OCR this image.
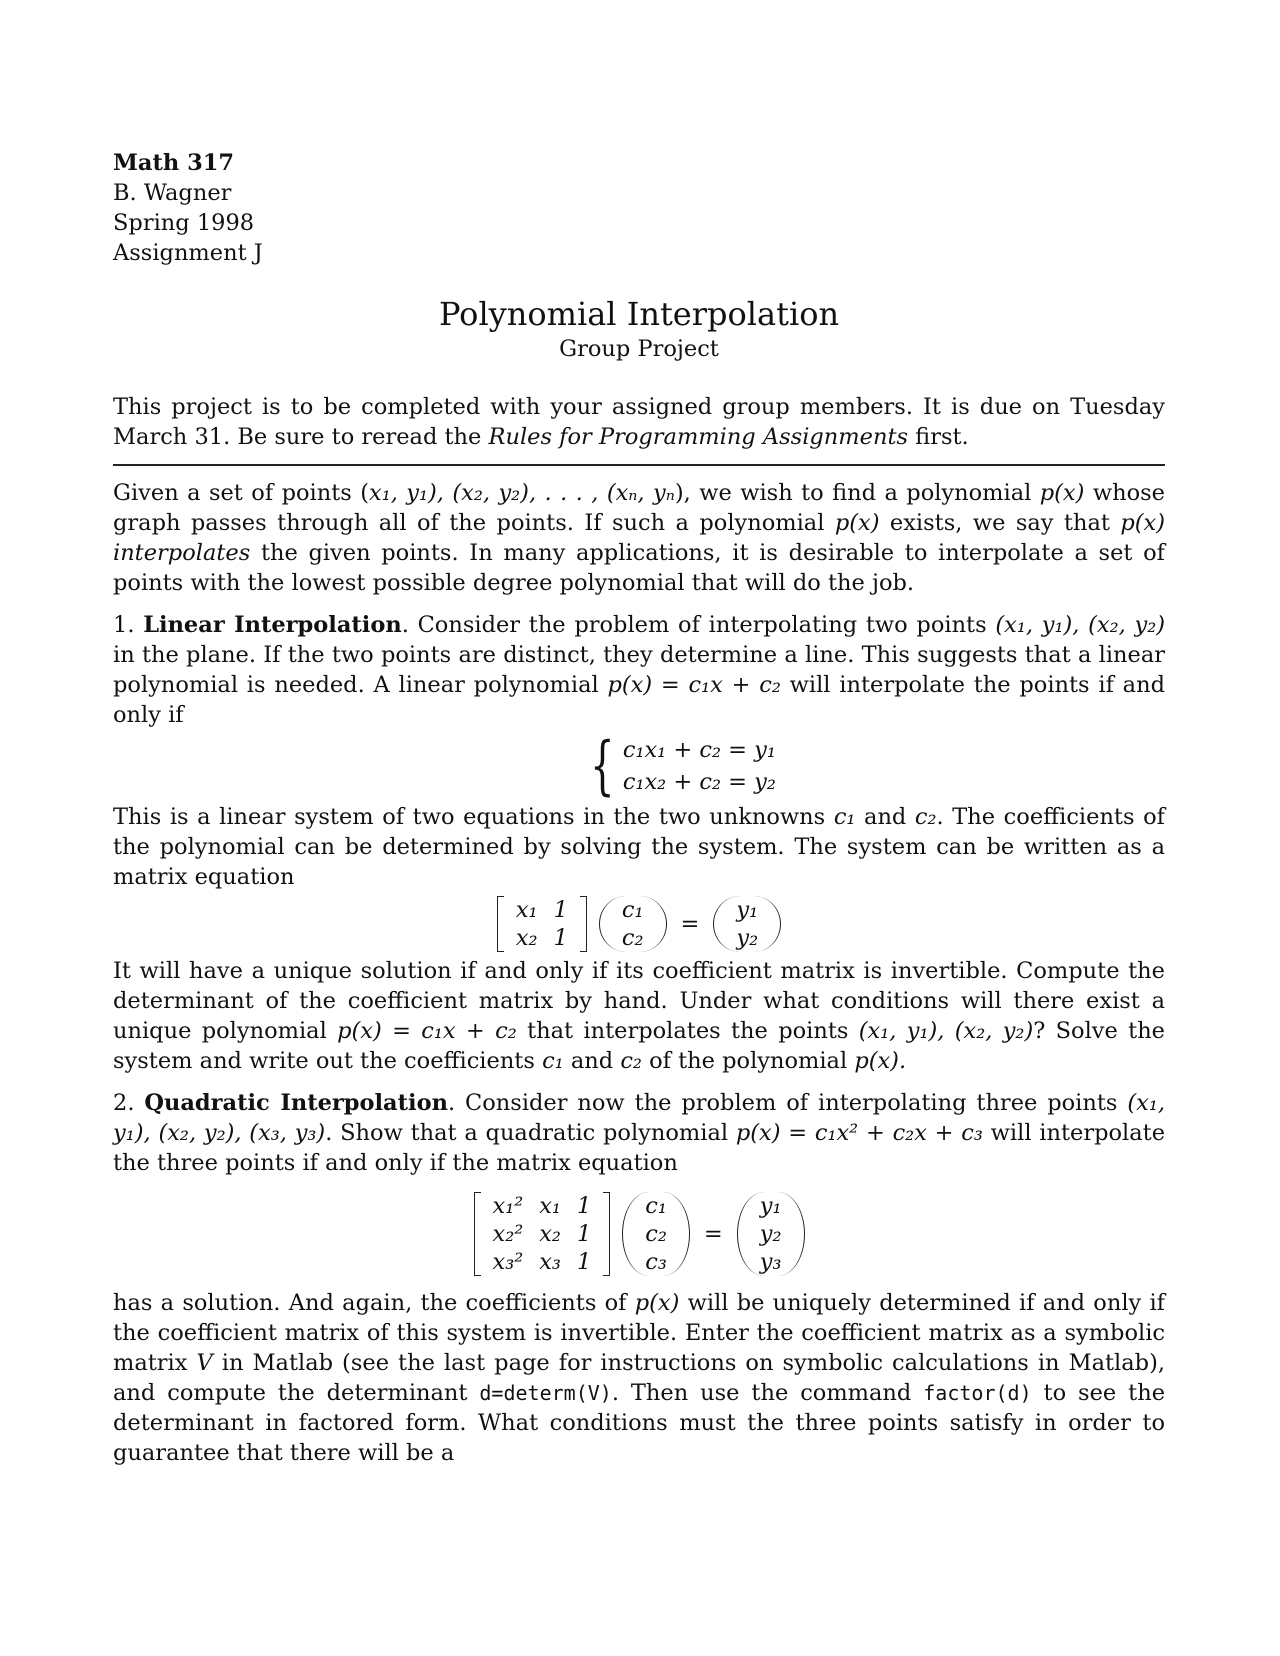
Math 317
B. Wagner
Spring 1998
Assignment J
Polynomial Interpolation
Group Project

This project is to be completed with your assigned group members. It is due on Tuesday March 31. Be sure to reread the Rules for Programming Assignments first.

Given a set of points (x₁, y₁), (x₂, y₂), . . . , (xₙ, yₙ), we wish to find a polynomial p(x) whose graph passes through all of the points. If such a polynomial p(x) exists, we say that p(x) interpolates the given points. In many applications, it is desirable to interpolate a set of points with the lowest possible degree polynomial that will do the job.

1. Linear Interpolation. Consider the problem of interpolating two points (x₁, y₁), (x₂, y₂) in the plane. If the two points are distinct, they determine a line. This suggests that a linear polynomial is needed. A linear polynomial p(x) = c₁x + c₂ will interpolate the points if and only if

{ c₁x₁ + c₂ = y₁
c₁x₂ + c₂ = y₂

This is a linear system of two equations in the two unknowns c₁ and c₂. The coefficients of the polynomial can be determined by solving the system. The system can be written as a matrix equation

x₁ 1
x₂ 1
c₁
c₂
=
y₁
y₂

It will have a unique solution if and only if its coefficient matrix is invertible. Compute the determinant of the coefficient matrix by hand. Under what conditions will there exist a unique polynomial p(x) = c₁x + c₂ that interpolates the points (x₁, y₁), (x₂, y₂)? Solve the system and write out the coefficients c₁ and c₂ of the polynomial p(x).

2. Quadratic Interpolation. Consider now the problem of interpolating three points (x₁, y₁), (x₂, y₂), (x₃, y₃). Show that a quadratic polynomial p(x) = c₁x² + c₂x + c₃ will interpolate the three points if and only if the matrix equation

x₁² x₁ 1
x₂² x₂ 1
x₃² x₃ 1
c₁
c₂
c₃
=
y₁
y₂
y₃

has a solution. And again, the coefficients of p(x) will be uniquely determined if and only if the coefficient matrix of this system is invertible. Enter the coefficient matrix as a symbolic matrix V in Matlab (see the last page for instructions on symbolic calculations in Matlab), and compute the determinant d=determ(V). Then use the command factor(d) to see the determinant in factored form. What conditions must the three points satisfy in order to guarantee that there will be a
